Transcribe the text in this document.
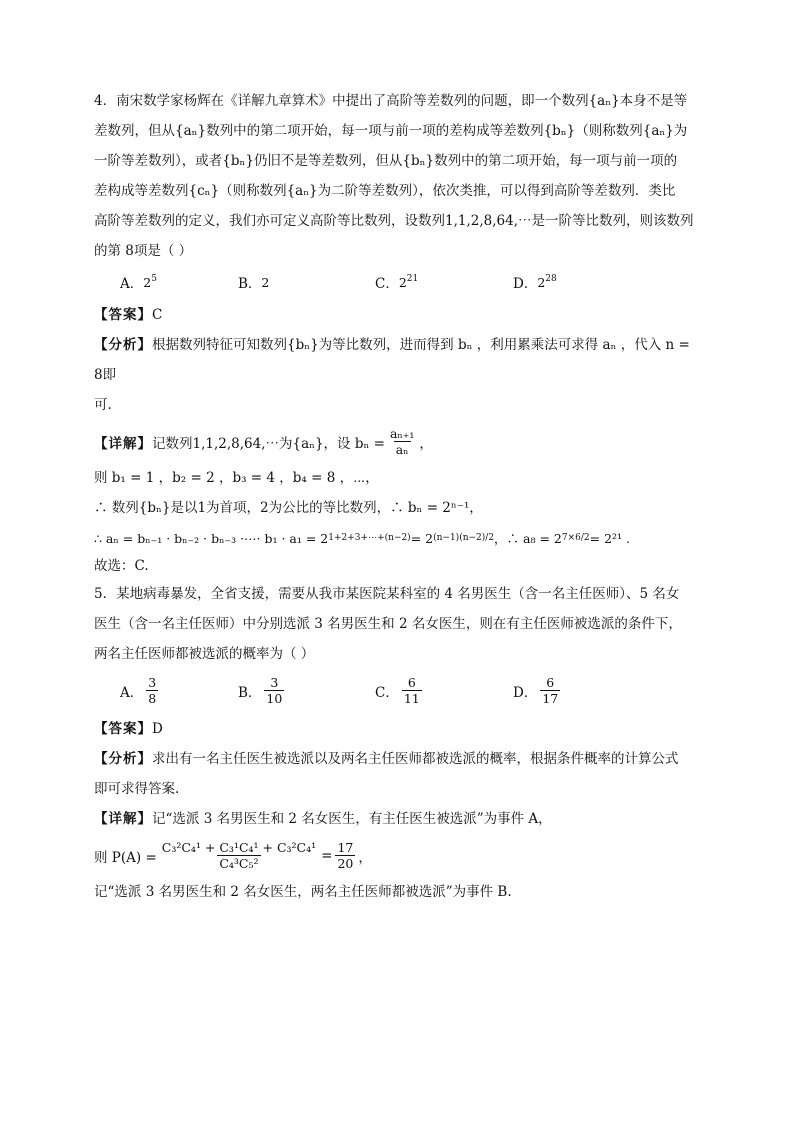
4．南宋数学家杨辉在《详解九章算术》中提出了高阶等差数列的问题，即一个数列{aₙ}本身不是等

差数列，但从{aₙ}数列中的第二项开始，每一项与前一项的差构成等差数列{bₙ}（则称数列{aₙ}为

一阶等差数列），或者{bₙ}仍旧不是等差数列，但从{bₙ}数列中的第二项开始，每一项与前一项的

差构成等差数列{cₙ}（则称数列{aₙ}为二阶等差数列），依次类推，可以得到高阶等差数列．类比

高阶等差数列的定义，我们亦可定义高阶等比数列，设数列1,1,2,8,64,⋯是一阶等比数列，则该数列

的第 8项是（ ）

A． $2^5$	B． 2	C． $2^{21}$	D． $2^{28}$

【答案】C

【分析】根据数列特征可知数列{bₙ}为等比数列，进而得到 bₙ ，利用累乘法可求得 aₙ ，代入 n = 8即

可.

【详解】 记数列1,1,2,8,64,⋯为{aₙ}，设 $b_n = \frac{\text{aₙ₊₁}}{\text{aₙ}}$ ，

则 b₁ = 1 ，b₂ = 2 ，b₃ = 4 ，b₄ = 8 ，⋯，

∴ 数列{bₙ}是以1为首项，2为公比的等比数列，∴ bₙ = 2ⁿ⁻¹，

∴ aₙ = bₙ₋₁ · bₙ₋₂ · bₙ₋₃ ·⋯· b₁ · a₁ = 2 1+2+3+⋯+(n−2) = 2 (n−1)(n−2)/2 ，∴ a₈ = 2 7×6/2 = 2²¹ .

故选：C.

5．某地病毒暴发，全省支援，需要从我市某医院某科室的 4 名男医生（含一名主任医师）、5 名女

医生（含一名主任医师）中分别选派 3 名男医生和 2 名女医生，则在有主任医师被选派的条件下，

两名主任医师都被选派的概率为（ ）

A． $\frac{3}{8}$	B． $\frac{3}{10}$	C． $\frac{6}{11}$	D． $\frac{6}{17}$

【答案】D

【分析】求出有一名主任医生被选派以及两名主任医师都被选派的概率，根据条件概率的计算公式

即可求得答案.

【详解】记“选派 3 名男医生和 2 名女医生，有主任医生被选派”为事件 A，

则 $P(A) = \frac{\text{C₃²C₄¹ + C₃¹C₄¹ + C₃²C₄¹}}{\text{C₄³C₅²}} = \frac{17}{20}$ ，

记“选派 3 名男医生和 2 名女医生，两名主任医师都被选派”为事件 B.
